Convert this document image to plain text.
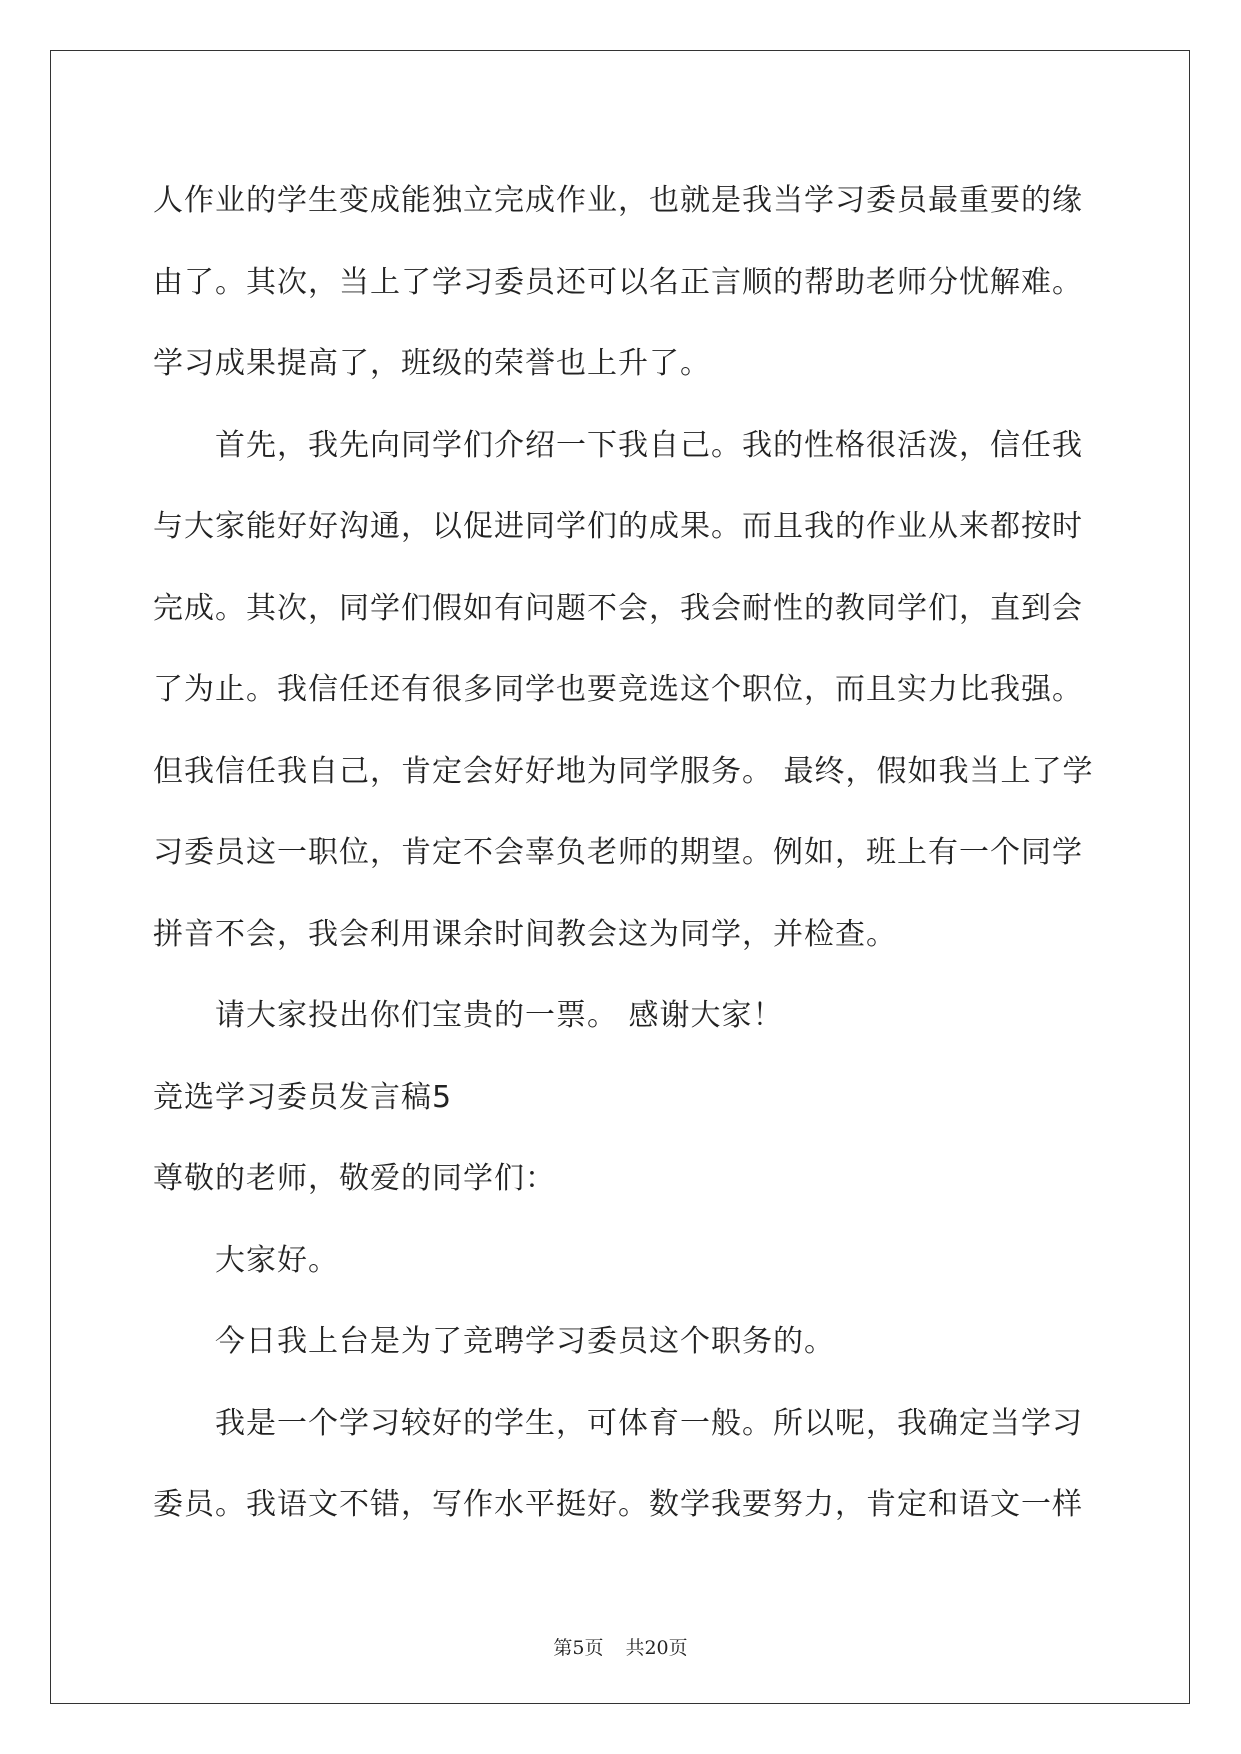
人作业的学生变成能独立完成作业，也就是我当学习委员最重要的缘
由了。其次，当上了学习委员还可以名正言顺的帮助老师分忧解难。
学习成果提高了，班级的荣誉也上升了。
首先，我先向同学们介绍一下我自己。我的性格很活泼，信任我
与大家能好好沟通，以促进同学们的成果。而且我的作业从来都按时
完成。其次，同学们假如有问题不会，我会耐性的教同学们，直到会
了为止。我信任还有很多同学也要竞选这个职位，而且实力比我强。
但我信任我自己，肯定会好好地为同学服务。 最终，假如我当上了学
习委员这一职位，肯定不会辜负老师的期望。例如，班上有一个同学
拼音不会，我会利用课余时间教会这为同学，并检查。
请大家投出你们宝贵的一票。 感谢大家！
竞选学习委员发言稿5
尊敬的老师，敬爱的同学们：
大家好。
今日我上台是为了竞聘学习委员这个职务的。
我是一个学习较好的学生，可体育一般。所以呢，我确定当学习
委员。我语文不错，写作水平挺好。数学我要努力，肯定和语文一样
第5页 共20页
